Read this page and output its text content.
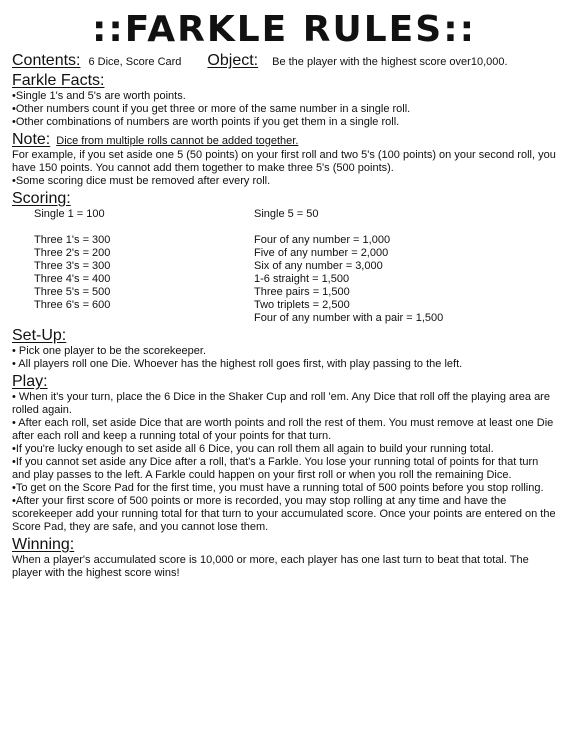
::FARKLE RULES::
Contents: 6 Dice, Score Card Object: Be the player with the highest score over10,000.
Farkle Facts:

•Single 1's and 5's are worth points.

•Other numbers count if you get three or more of the same number in a single roll.

•Other combinations of numbers are worth points if you get them in a single roll.

Note: Dice from multiple rolls cannot be added together.

For example, if you set aside one 5 (50 points) on your first roll and two 5's (100 points) on your second roll, you have 150 points. You cannot add them together to make three 5's (500 points).

•Some scoring dice must be removed after every roll.

Scoring:
Single 1 = 100
Three 1's = 300
Three 2's = 200
Three 3's = 300
Three 4's = 400
Three 5's = 500
Three 6's = 600
Single 5 = 50
Four of any number = 1,000
Five of any number = 2,000
Six of any number = 3,000
1-6 straight = 1,500
Three pairs = 1,500
Two triplets = 2,500
Four of any number with a pair = 1,500
Set-Up:

• Pick one player to be the scorekeeper.

• All players roll one Die. Whoever has the highest roll goes first, with play passing to the left.

Play:

• When it's your turn, place the 6 Dice in the Shaker Cup and roll 'em. Any Dice that roll off the playing area are rolled again.

• After each roll, set aside Dice that are worth points and roll the rest of them. You must remove at least one Die after each roll and keep a running total of your points for that turn.

•If you're lucky enough to set aside all 6 Dice, you can roll them all again to build your running total.

•If you cannot set aside any Dice after a roll, that's a Farkle. You lose your running total of points for that turn and play passes to the left. A Farkle could happen on your first roll or when you roll the remaining Dice.

•To get on the Score Pad for the first time, you must have a running total of 500 points before you stop rolling.

•After your first score of 500 points or more is recorded, you may stop rolling at any time and have the scorekeeper add your running total for that turn to your accumulated score. Once your points are entered on the Score Pad, they are safe, and you cannot lose them.

Winning:

When a player's accumulated score is 10,000 or more, each player has one last turn to beat that total. The player with the highest score wins!
